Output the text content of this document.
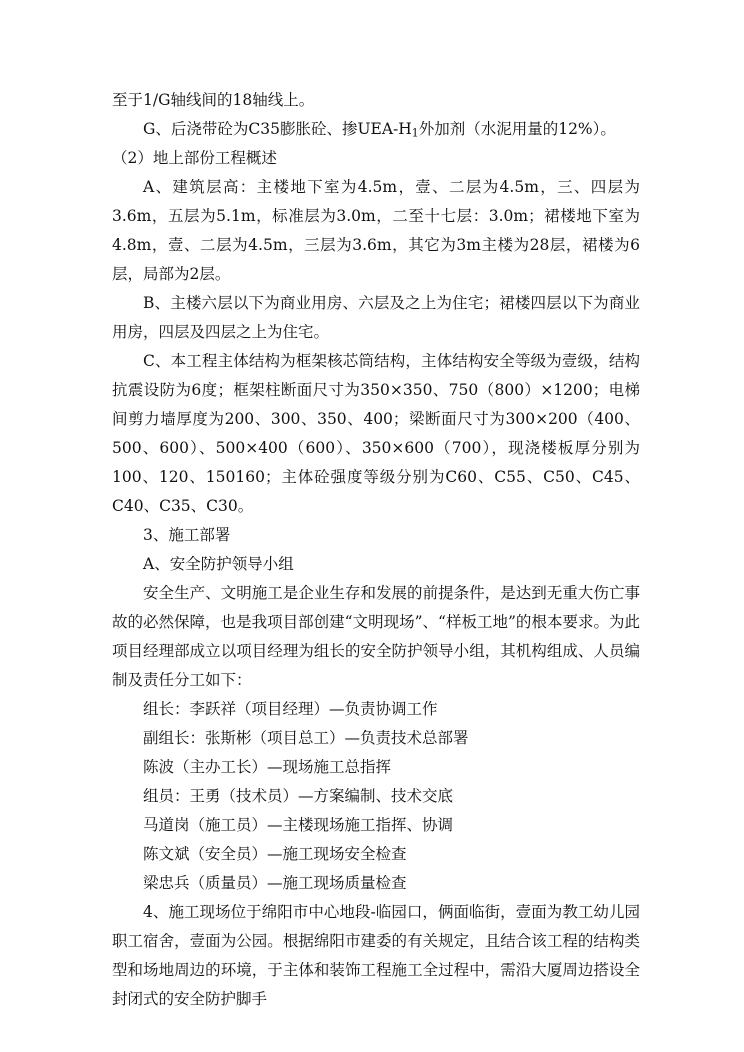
至于1/G轴线间的18轴线上。

G、后浇带砼为C35膨胀砼、掺UEA-$H_1$外加剂（水泥用量的12%）。

（2）地上部份工程概述

A、建筑层高：主楼地下室为4.5m，壹、二层为4.5m，三、四层为3.6m，五层为5.1m，标准层为3.0m，二至十七层：3.0m；裙楼地下室为4.8m，壹、二层为4.5m，三层为3.6m，其它为3m主楼为28层，裙楼为6层，局部为2层。

B、主楼六层以下为商业用房、六层及之上为住宅；裙楼四层以下为商业用房，四层及四层之上为住宅。

C、本工程主体结构为框架核芯筒结构，主体结构安全等级为壹级，结构抗震设防为6度；框架柱断面尺寸为350×350、750（800）×1200；电梯间剪力墙厚度为200、300、350、400；梁断面尺寸为300×200（400、500、600）、500×400（600）、350×600（700），现浇楼板厚分别为100、120、150160；主体砼强度等级分别为C60、C55、C50、C45、C40、C35、C30。

3、施工部署

A、安全防护领导小组

安全生产、文明施工是企业生存和发展的前提条件，是达到无重大伤亡事故的必然保障，也是我项目部创建“文明现场”、“样板工地”的根本要求。为此项目经理部成立以项目经理为组长的安全防护领导小组，其机构组成、人员编制及责任分工如下：

组长：李跃祥（项目经理）—负责协调工作

副组长：张斯彬（项目总工）—负责技术总部署

陈波（主办工长）—现场施工总指挥

组员：王勇（技术员）—方案编制、技术交底

马道岗（施工员）—主楼现场施工指挥、协调

陈文斌（安全员）—施工现场安全检查

梁忠兵（质量员）—施工现场质量检查

4、施工现场位于绵阳市中心地段-临园口，俩面临街，壹面为教工幼儿园职工宿舍，壹面为公园。根据绵阳市建委的有关规定，且结合该工程的结构类型和场地周边的环境，于主体和装饰工程施工全过程中，需沿大厦周边搭设全封闭式的安全防护脚手
